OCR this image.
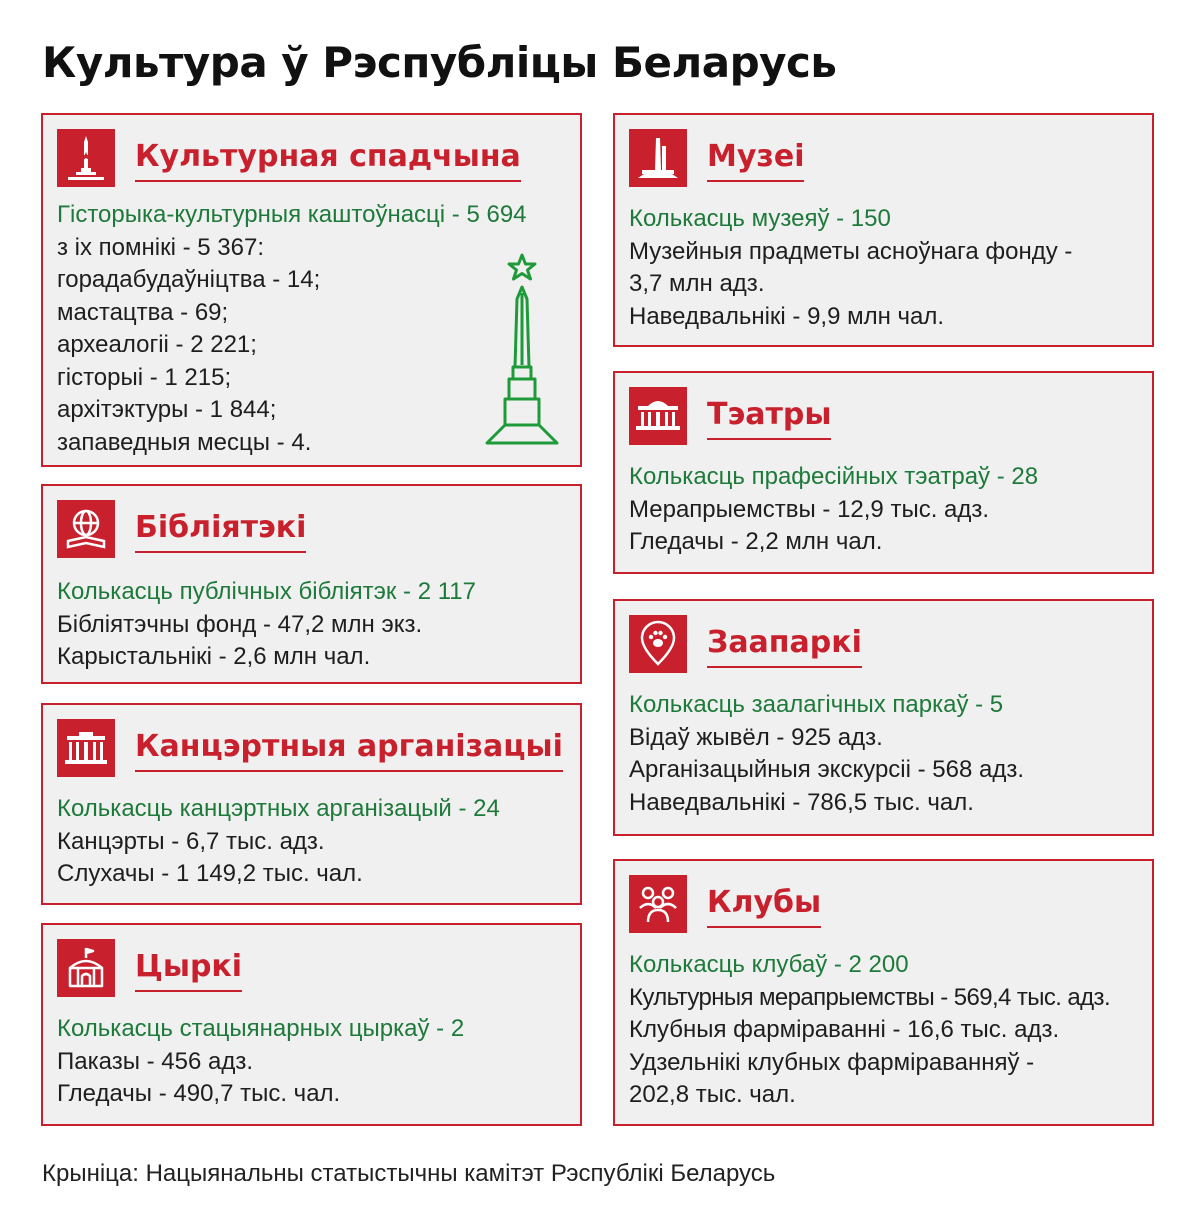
Культура ў Рэспубліцы Беларусь
Культурная спадчына
Гісторыка-культурныя каштоўнасці - 5 694
з іх помнікі - 5 367:
горадабудаўніцтва - 14;
мастацтва - 69;
археалогіі - 2 221;
гісторыі - 1 215;
архітэктуры - 1 844;
запаведныя месцы - 4.
Бібліятэкі
Колькасць публічных бібліятэк - 2 117
Бібліятэчны фонд - 47,2 млн экз.
Карыстальнікі - 2,6 млн чал.
Канцэртныя арганізацыі
Колькасць канцэртных арганізацый - 24
Канцэрты - 6,7 тыс. адз.
Слухачы - 1 149,2 тыс. чал.
Цыркі
Колькасць стацыянарных цыркаў - 2
Паказы - 456 адз.
Гледачы - 490,7 тыс. чал.
Музеі
Колькасць музеяў - 150
Музейныя прадметы асноўнага фонду -
3,7 млн адз.
Наведвальнікі - 9,9 млн чал.
Тэатры
Колькасць прафесійных тэатраў - 28
Мерапрыемствы - 12,9 тыс. адз.
Гледачы - 2,2 млн чал.
Заапаркі
Колькасць заалагічных паркаў - 5
Відаў жывёл - 925 адз.
Арганізацыйныя экскурсіі - 568 адз.
Наведвальнікі - 786,5 тыс. чал.
Клубы
Колькасць клубаў - 2 200
Культурныя мерапрыемствы - 569,4 тыс. адз.
Клубныя фарміраванні - 16,6 тыс. адз.
Удзельнікі клубных фарміраванняў -
202,8 тыс. чал.
Крыніца: Нацыянальны статыстычны камітэт Рэспублікі Беларусь
